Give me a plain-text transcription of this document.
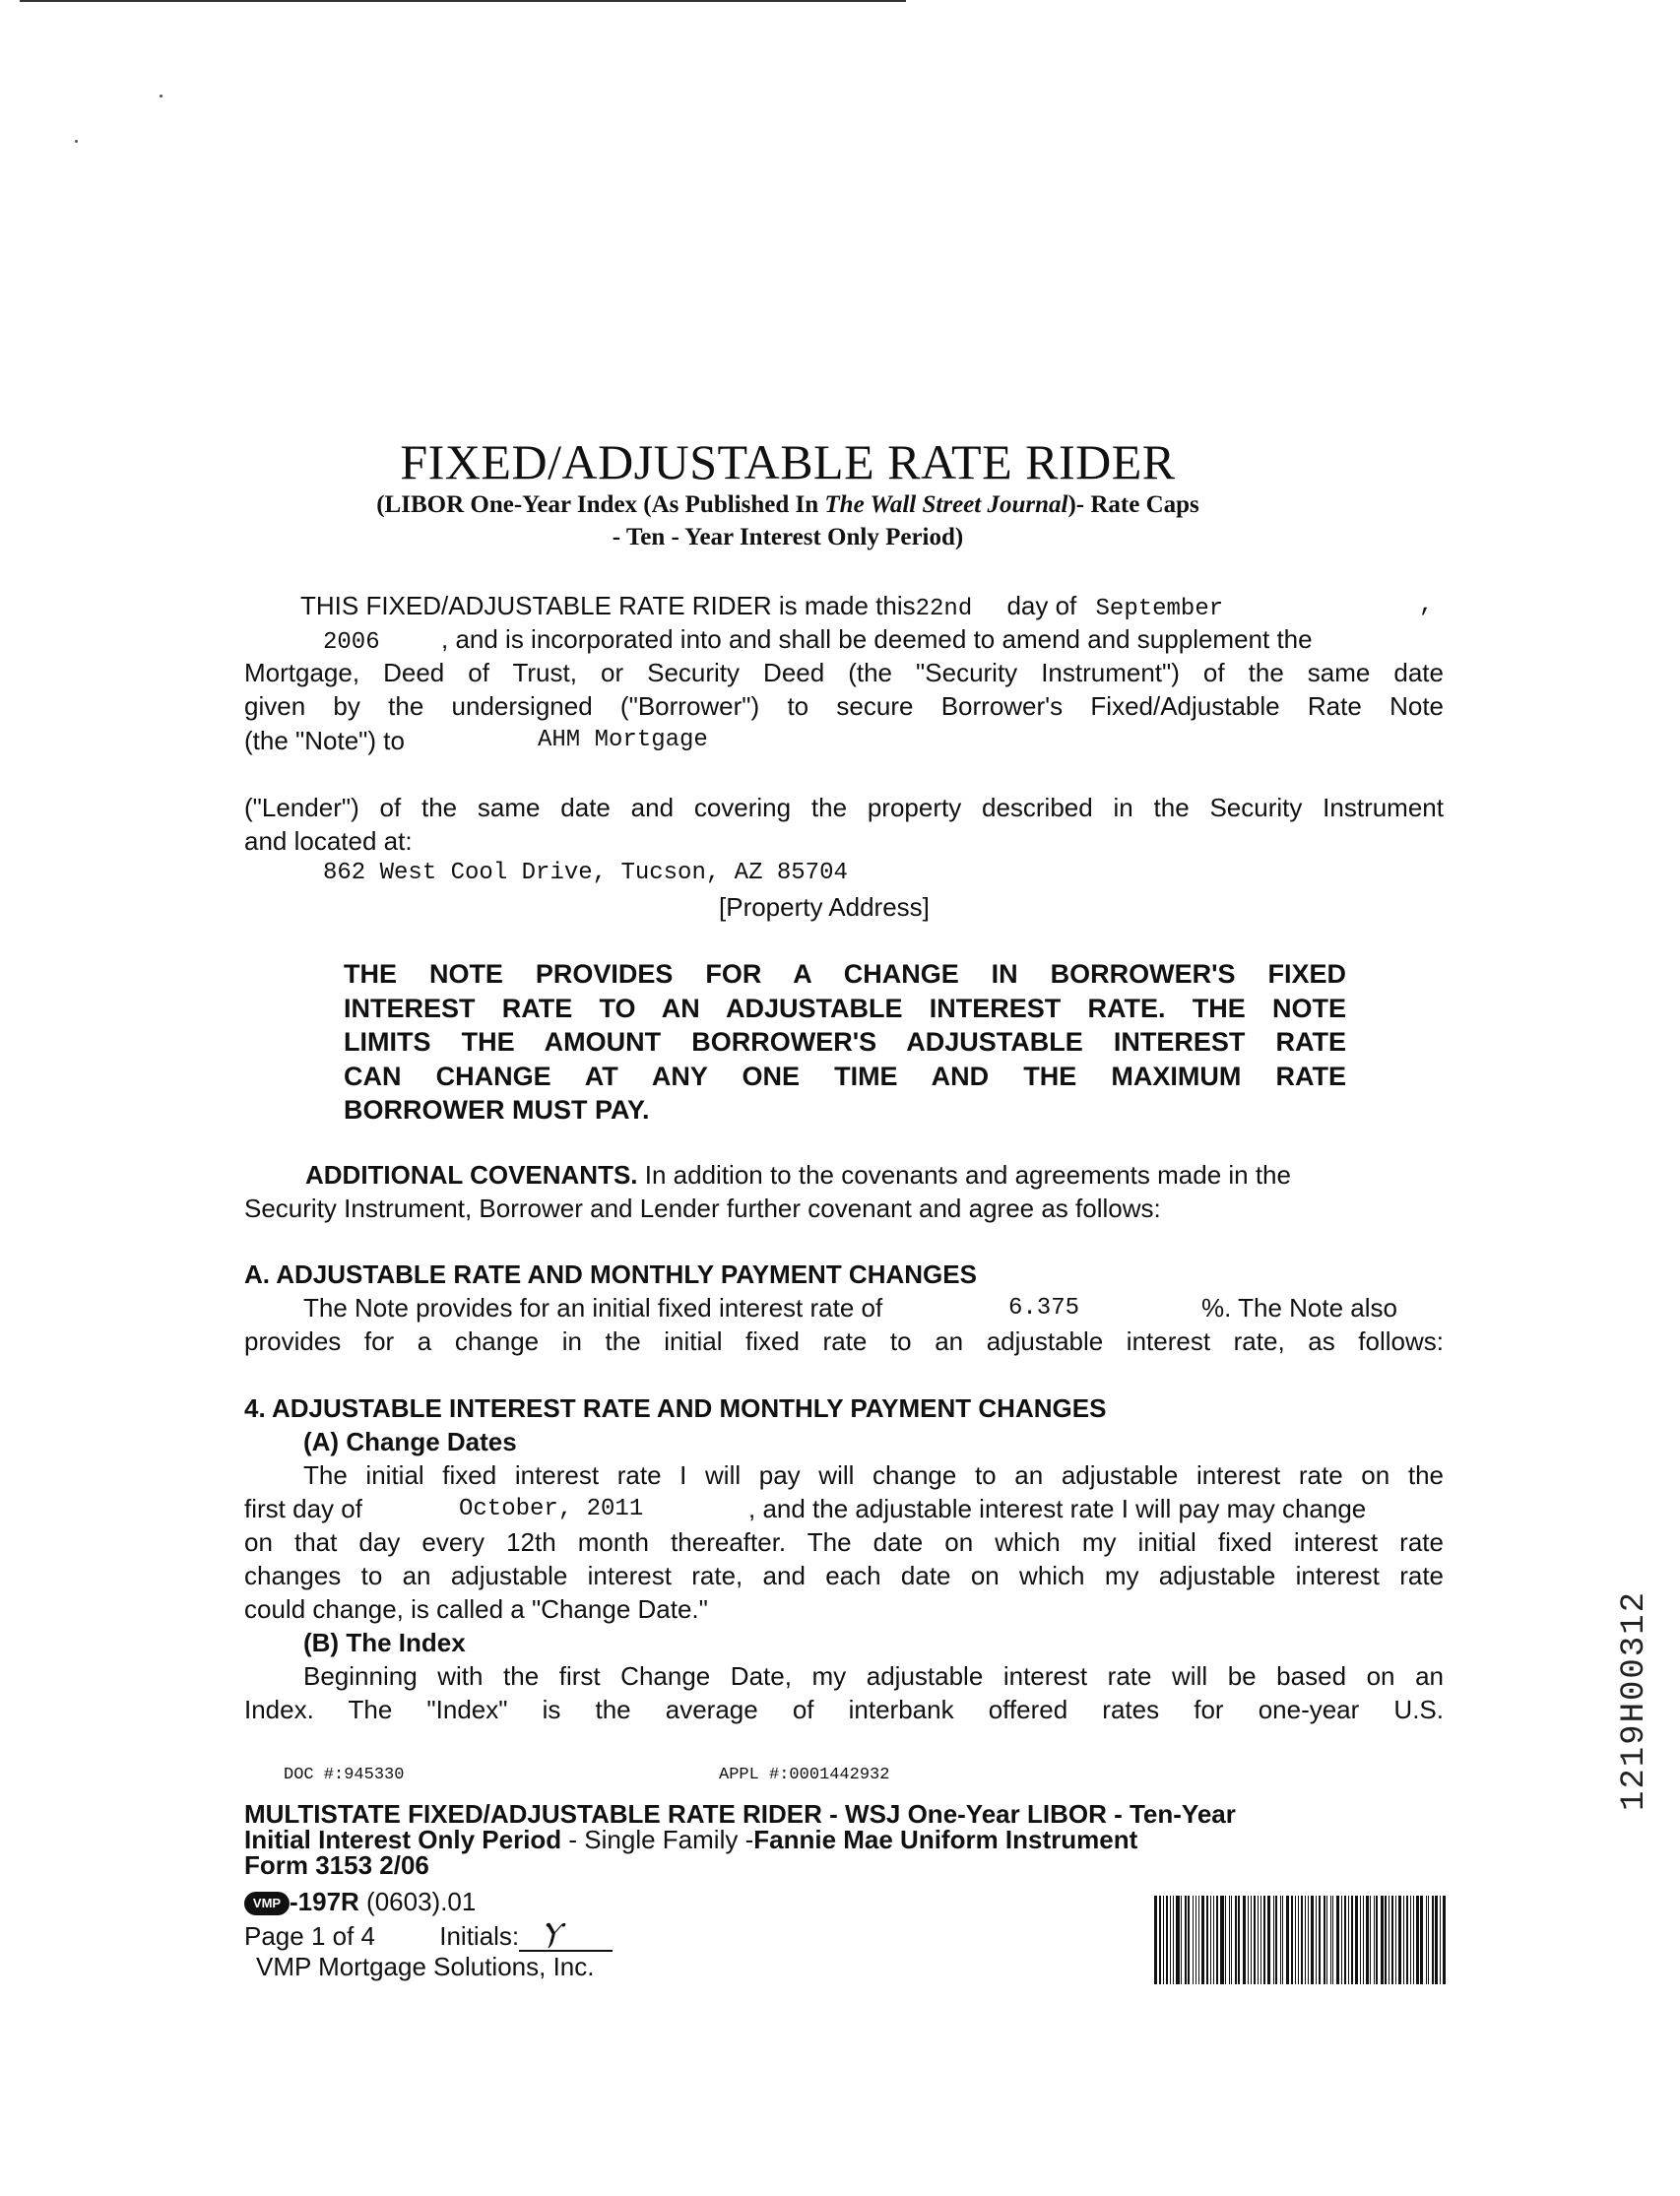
FIXED/ADJUSTABLE RATE RIDER
(LIBOR One-Year Index (As Published In The Wall Street Journal)- Rate Caps
- Ten - Year Interest Only Period)
THIS FIXED/ADJUSTABLE RATE RIDER is made this22nd day of September	,
2006 , and is incorporated into and shall be deemed to amend and supplement the
Mortgage, Deed of Trust, or Security Deed (the "Security Instrument") of the same date
given by the undersigned ("Borrower") to secure Borrower's Fixed/Adjustable Rate Note
(the "Note") to	AHM Mortgage
("Lender") of the same date and covering the property described in the Security Instrument
and located at:
862 West Cool Drive, Tucson, AZ 85704
[Property Address]
THE NOTE PROVIDES FOR A CHANGE IN BORROWER'S FIXED
INTEREST RATE TO AN ADJUSTABLE INTEREST RATE. THE NOTE
LIMITS THE AMOUNT BORROWER'S ADJUSTABLE INTEREST RATE
CAN CHANGE AT ANY ONE TIME AND THE MAXIMUM RATE
BORROWER MUST PAY.
ADDITIONAL COVENANTS. In addition to the covenants and agreements made in the
Security Instrument, Borrower and Lender further covenant and agree as follows:
A. ADJUSTABLE RATE AND MONTHLY PAYMENT CHANGES
The Note provides for an initial fixed interest rate of	6.375	%. The Note also
provides for a change in the initial fixed rate to an adjustable interest rate, as follows:
4. ADJUSTABLE INTEREST RATE AND MONTHLY PAYMENT CHANGES
(A) Change Dates
The initial fixed interest rate I will pay will change to an adjustable interest rate on the
first day of	October, 2011	, and the adjustable interest rate I will pay may change
on that day every 12th month thereafter. The date on which my initial fixed interest rate
changes to an adjustable interest rate, and each date on which my adjustable interest rate
could change, is called a "Change Date."
(B) The Index
Beginning with the first Change Date, my adjustable interest rate will be based on an
Index. The "Index" is the average of interbank offered rates for one-year U.S.
DOC #:945330	APPL #:0001442932
MULTISTATE FIXED/ADJUSTABLE RATE RIDER - WSJ One-Year LIBOR - Ten-Year
Initial Interest Only Period - Single Family -Fannie Mae Uniform Instrument
Form 3153 2/06
VMP -197R (0603).01
Page 1 of 4	Initials: Ⲩ
VMP Mortgage Solutions, Inc.
1219H00312
